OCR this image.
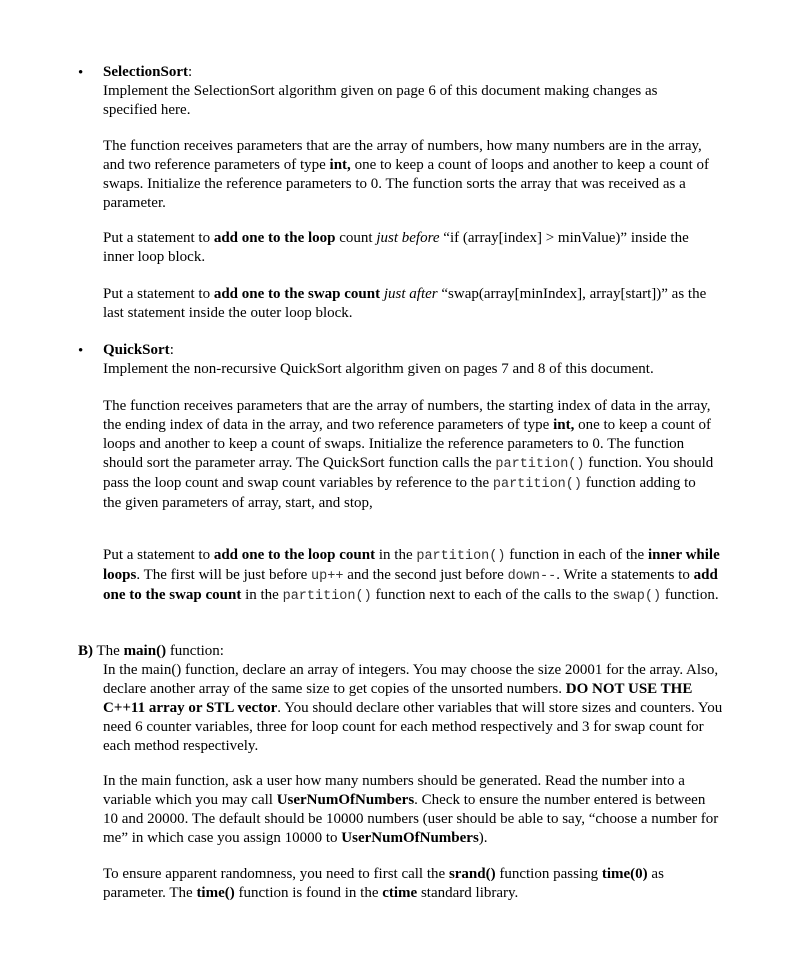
• SelectionSort:

Implement the SelectionSort algorithm given on page 6 of this document making changes as specified here.

The function receives parameters that are the array of numbers, how many numbers are in the array, and two reference parameters of type int, one to keep a count of loops and another to keep a count of swaps. Initialize the reference parameters to 0. The function sorts the array that was received as a parameter.

Put a statement to add one to the loop count just before “if (array[index] > minValue)” inside the inner loop block.

Put a statement to add one to the swap count just after “swap(array[minIndex], array[start])” as the last statement inside the outer loop block.

• QuickSort:

Implement the non-recursive QuickSort algorithm given on pages 7 and 8 of this document.

The function receives parameters that are the array of numbers, the starting index of data in the array, the ending index of data in the array, and two reference parameters of type int, one to keep a count of loops and another to keep a count of swaps. Initialize the reference parameters to 0. The function should sort the parameter array. The QuickSort function calls the partition() function. You should pass the loop count and swap count variables by reference to the partition() function adding to the given parameters of array, start, and stop,

Put a statement to add one to the loop count in the partition() function in each of the inner while loops. The first will be just before up++ and the second just before down--. Write a statements to add one to the swap count in the partition() function next to each of the calls to the swap() function.

B) The main() function:

In the main() function, declare an array of integers. You may choose the size 20001 for the array. Also, declare another array of the same size to get copies of the unsorted numbers. DO NOT USE THE C++11 array or STL vector. You should declare other variables that will store sizes and counters. You need 6 counter variables, three for loop count for each method respectively and 3 for swap count for each method respectively.

In the main function, ask a user how many numbers should be generated. Read the number into a variable which you may call UserNumOfNumbers. Check to ensure the number entered is between 10 and 20000. The default should be 10000 numbers (user should be able to say, “choose a number for me” in which case you assign 10000 to UserNumOfNumbers).

To ensure apparent randomness, you need to first call the srand() function passing time(0) as parameter. The time() function is found in the ctime standard library.
